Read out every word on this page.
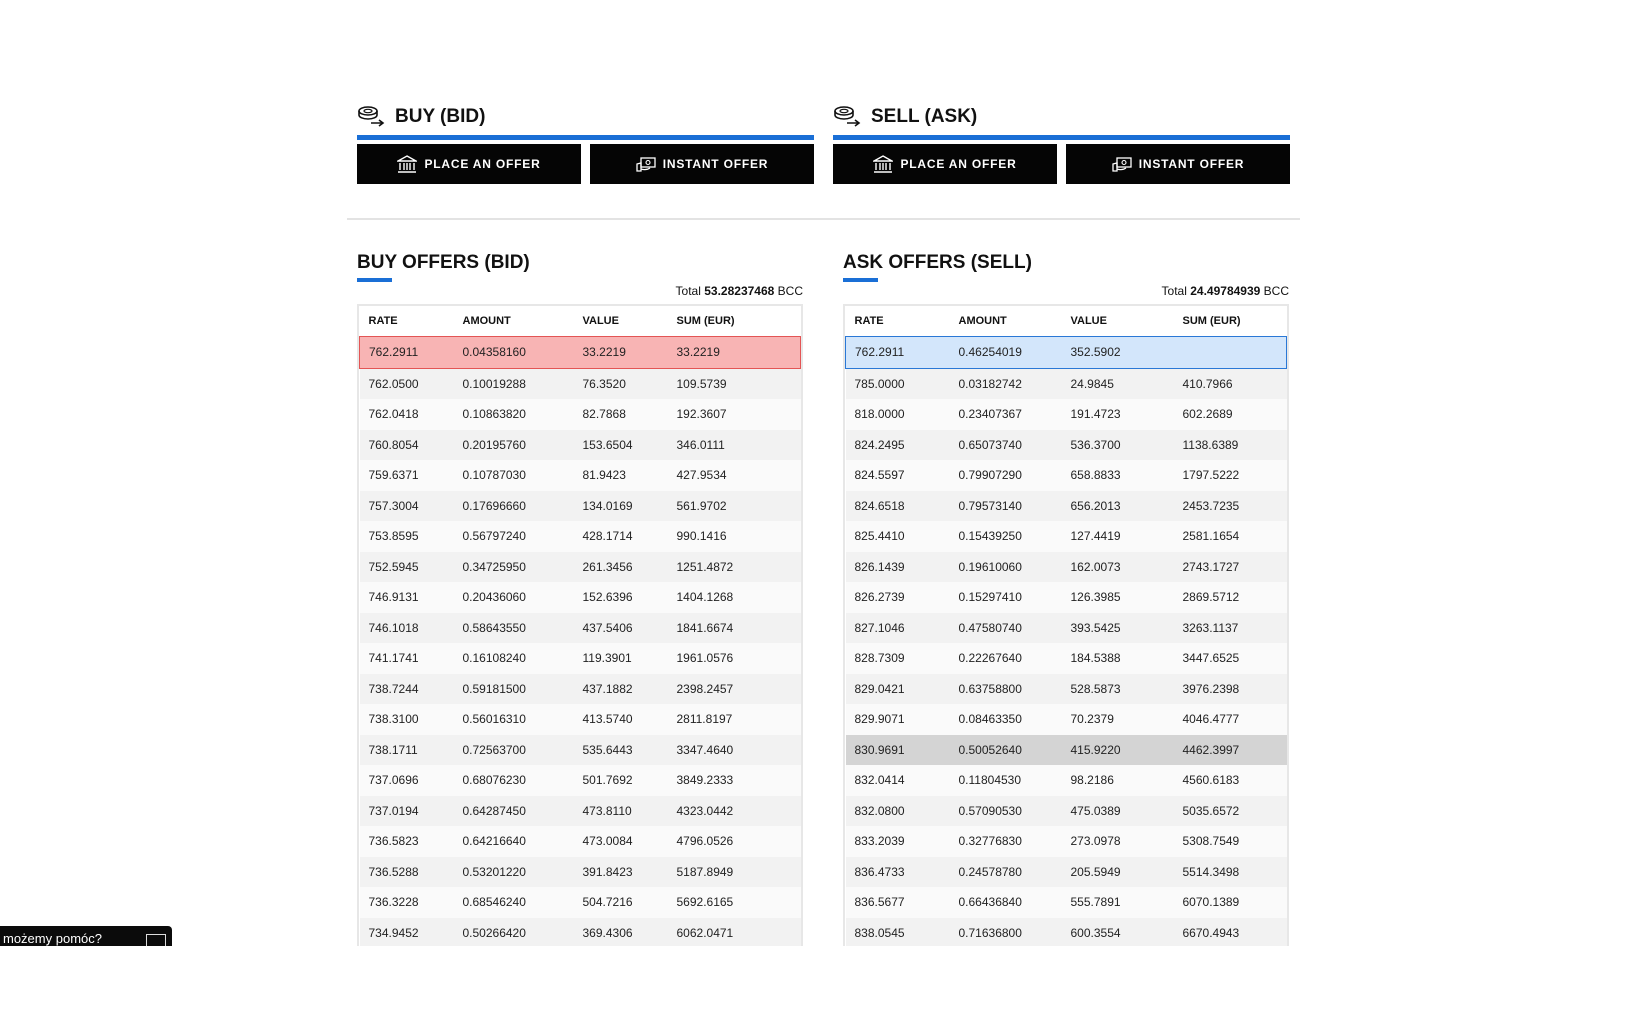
BUY (BID)
PLACE AN OFFER	INSTANT OFFER
SELL (ASK)
PLACE AN OFFER	INSTANT OFFER
BUY OFFERS (BID)
Total 53.28237468 BCC
RATE	AMOUNT	VALUE	SUM (EUR)
762.2911	0.04358160	33.2219	33.2219
762.0500	0.10019288	76.3520	109.5739
762.0418	0.10863820	82.7868	192.3607
760.8054	0.20195760	153.6504	346.0111
759.6371	0.10787030	81.9423	427.9534
757.3004	0.17696660	134.0169	561.9702
753.8595	0.56797240	428.1714	990.1416
752.5945	0.34725950	261.3456	1251.4872
746.9131	0.20436060	152.6396	1404.1268
746.1018	0.58643550	437.5406	1841.6674
741.1741	0.16108240	119.3901	1961.0576
738.7244	0.59181500	437.1882	2398.2457
738.3100	0.56016310	413.5740	2811.8197
738.1711	0.72563700	535.6443	3347.4640
737.0696	0.68076230	501.7692	3849.2333
737.0194	0.64287450	473.8110	4323.0442
736.5823	0.64216640	473.0084	4796.0526
736.5288	0.53201220	391.8423	5187.8949
736.3228	0.68546240	504.7216	5692.6165
734.9452	0.50266420	369.4306	6062.0471
ASK OFFERS (SELL)
Total 24.49784939 BCC
RATE	AMOUNT	VALUE	SUM (EUR)
762.2911	0.46254019	352.5902	
785.0000	0.03182742	24.9845	410.7966
818.0000	0.23407367	191.4723	602.2689
824.2495	0.65073740	536.3700	1138.6389
824.5597	0.79907290	658.8833	1797.5222
824.6518	0.79573140	656.2013	2453.7235
825.4410	0.15439250	127.4419	2581.1654
826.1439	0.19610060	162.0073	2743.1727
826.2739	0.15297410	126.3985	2869.5712
827.1046	0.47580740	393.5425	3263.1137
828.7309	0.22267640	184.5388	3447.6525
829.0421	0.63758800	528.5873	3976.2398
829.9071	0.08463350	70.2379	4046.4777
830.9691	0.50052640	415.9220	4462.3997
832.0414	0.11804530	98.2186	4560.6183
832.0800	0.57090530	475.0389	5035.6572
833.2039	0.32776830	273.0978	5308.7549
836.4733	0.24578780	205.5949	5514.3498
836.5677	0.66436840	555.7891	6070.1389
838.0545	0.71636800	600.3554	6670.4943
możemy pomóc?
